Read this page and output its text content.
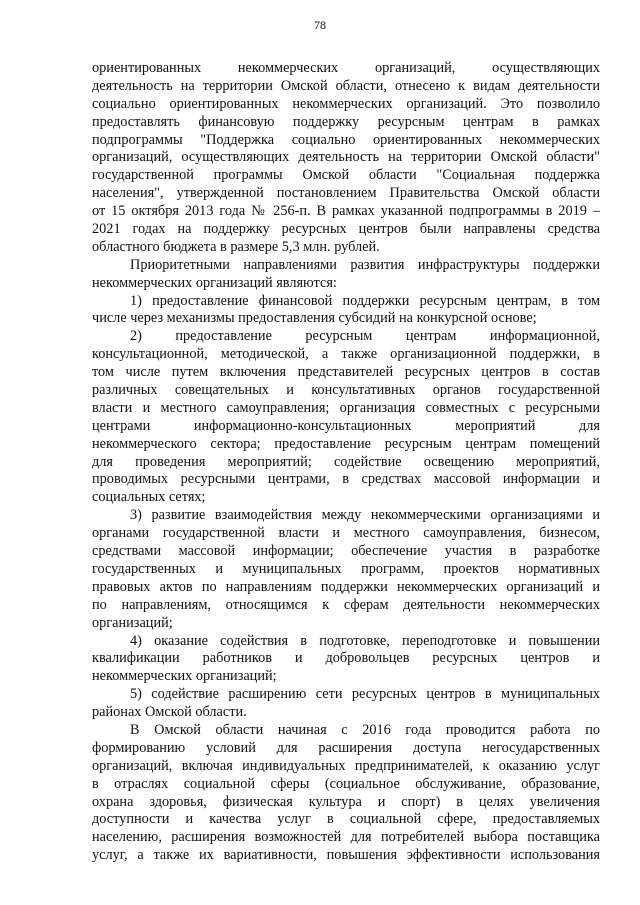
78
ориентированных некоммерческих организаций, осуществляющих
деятельность на территории Омской области, отнесено к видам деятельности
социально ориентированных некоммерческих организаций. Это позволило
предоставлять финансовую поддержку ресурсным центрам в рамках
подпрограммы "Поддержка социально ориентированных некоммерческих
организаций, осуществляющих деятельность на территории Омской области"
государственной программы Омской области "Социальная поддержка
населения", утвержденной постановлением Правительства Омской области
от 15 октября 2013 года № 256-п. В рамках указанной подпрограммы в 2019 –
2021 годах на поддержку ресурсных центров были направлены средства
областного бюджета в размере 5,3 млн. рублей.
Приоритетными направлениями развития инфраструктуры поддержки
некоммерческих организаций являются:
1) предоставление финансовой поддержки ресурсным центрам, в том
числе через механизмы предоставления субсидий на конкурсной основе;
2) предоставление ресурсным центрам информационной,
консультационной, методической, а также организационной поддержки, в
том числе путем включения представителей ресурсных центров в состав
различных совещательных и консультативных органов государственной
власти и местного самоуправления; организация совместных с ресурсными
центрами информационно-консультационных мероприятий для
некоммерческого сектора; предоставление ресурсным центрам помещений
для проведения мероприятий; содействие освещению мероприятий,
проводимых ресурсными центрами, в средствах массовой информации и
социальных сетях;
3) развитие взаимодействия между некоммерческими организациями и
органами государственной власти и местного самоуправления, бизнесом,
средствами массовой информации; обеспечение участия в разработке
государственных и муниципальных программ, проектов нормативных
правовых актов по направлениям поддержки некоммерческих организаций и
по направлениям, относящимся к сферам деятельности некоммерческих
организаций;
4) оказание содействия в подготовке, переподготовке и повышении
квалификации работников и добровольцев ресурсных центров и
некоммерческих организаций;
5) содействие расширению сети ресурсных центров в муниципальных
районах Омской области.
В Омской области начиная с 2016 года проводится работа по
формированию условий для расширения доступа негосударственных
организаций, включая индивидуальных предпринимателей, к оказанию услуг
в отраслях социальной сферы (социальное обслуживание, образование,
охрана здоровья, физическая культура и спорт) в целях увеличения
доступности и качества услуг в социальной сфере, предоставляемых
населению, расширения возможностей для потребителей выбора поставщика
услуг, а также их вариативности, повышения эффективности использования
